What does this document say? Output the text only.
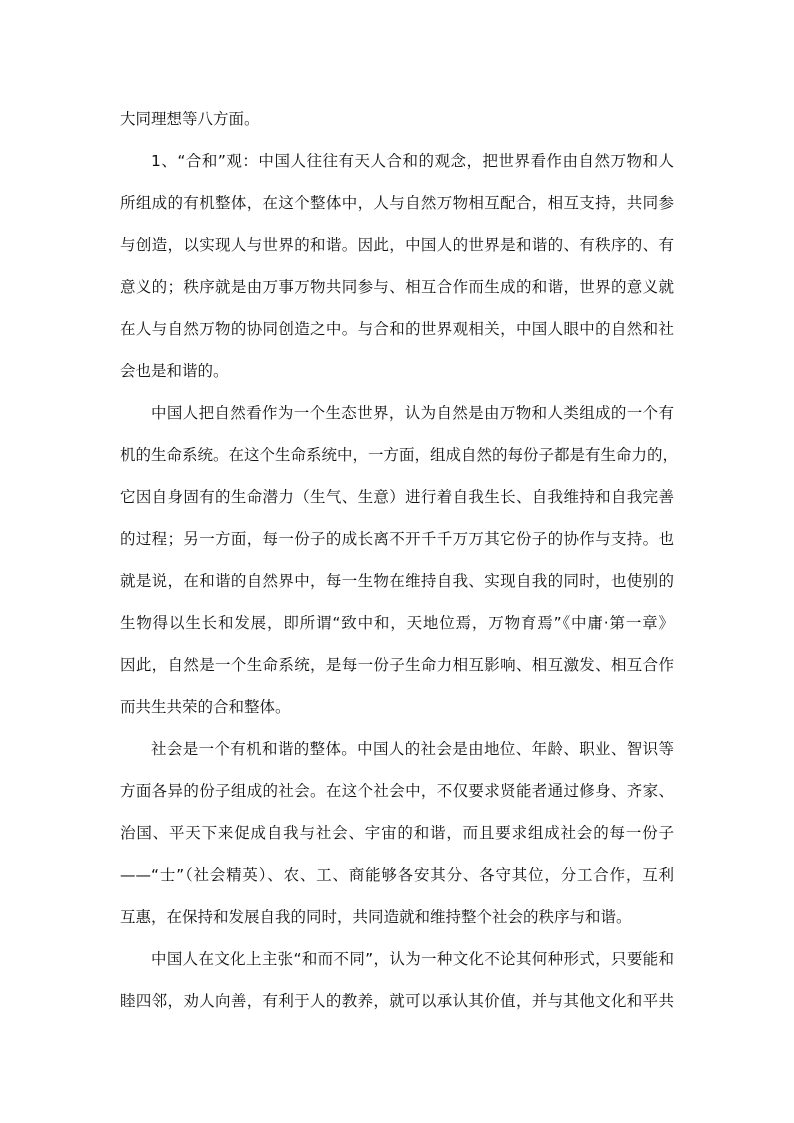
大同理想等八方面。
1、“合和”观：中国人往往有天人合和的观念，把世界看作由自然万物和人
所组成的有机整体，在这个整体中，人与自然万物相互配合，相互支持，共同参
与创造，以实现人与世界的和谐。因此，中国人的世界是和谐的、有秩序的、有
意义的；秩序就是由万事万物共同参与、相互合作而生成的和谐，世界的意义就
在人与自然万物的协同创造之中。与合和的世界观相关，中国人眼中的自然和社
会也是和谐的。
中国人把自然看作为一个生态世界，认为自然是由万物和人类组成的一个有
机的生命系统。在这个生命系统中，一方面，组成自然的每份子都是有生命力的，
它因自身固有的生命潜力（生气、生意）进行着自我生长、自我维持和自我完善
的过程；另一方面，每一份子的成长离不开千千万万其它份子的协作与支持。也
就是说，在和谐的自然界中，每一生物在维持自我、实现自我的同时，也使别的
生物得以生长和发展，即所谓“致中和，天地位焉，万物育焉”《中庸·第一章》
因此，自然是一个生命系统，是每一份子生命力相互影响、相互激发、相互合作
而共生共荣的合和整体。
社会是一个有机和谐的整体。中国人的社会是由地位、年龄、职业、智识等
方面各异的份子组成的社会。在这个社会中，不仅要求贤能者通过修身、齐家、
治国、平天下来促成自我与社会、宇宙的和谐，而且要求组成社会的每一份子
——“士”（社会精英）、农、工、商能够各安其分、各守其位，分工合作，互利
互惠，在保持和发展自我的同时，共同造就和维持整个社会的秩序与和谐。
中国人在文化上主张“和而不同”，认为一种文化不论其何种形式，只要能和
睦四邻，劝人向善，有利于人的教养，就可以承认其价值，并与其他文化和平共
